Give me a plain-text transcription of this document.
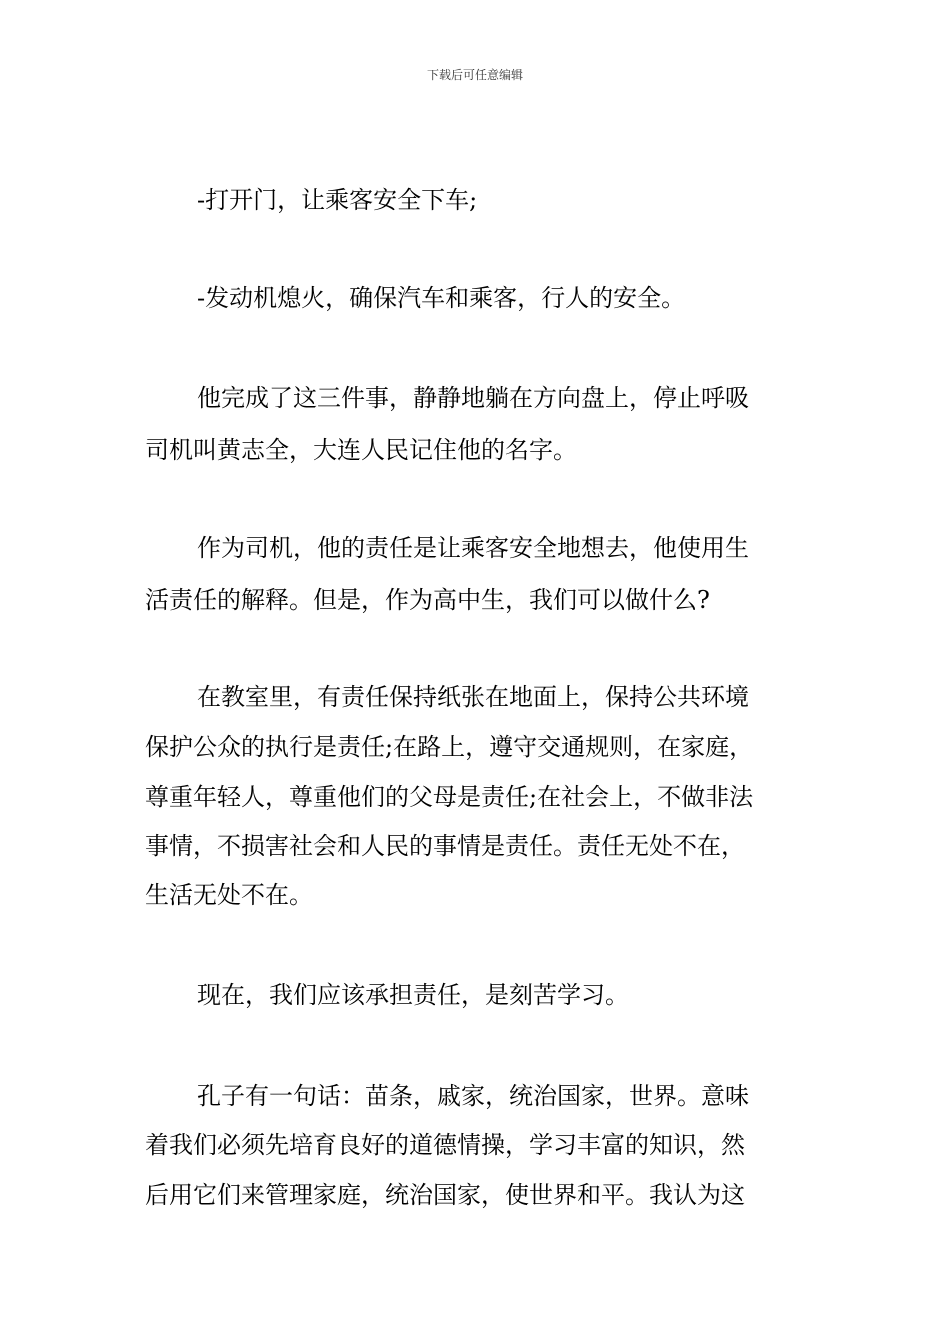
下载后可任意编辑
-打开门，让乘客安全下车;
-发动机熄火，确保汽车和乘客，行人的安全。
他完成了这三件事，静静地躺在方向盘上，停止呼吸
司机叫黄志全，大连人民记住他的名字。
作为司机，他的责任是让乘客安全地想去，他使用生
活责任的解释。但是，作为高中生，我们可以做什么?
在教室里，有责任保持纸张在地面上，保持公共环境
保护公众的执行是责任;在路上，遵守交通规则，在家庭，
尊重年轻人，尊重他们的父母是责任;在社会上，不做非法
事情，不损害社会和人民的事情是责任。责任无处不在，
生活无处不在。
现在，我们应该承担责任，是刻苦学习。
孔子有一句话：苗条，戚家，统治国家，世界。意味
着我们必须先培育良好的道德情操，学习丰富的知识，然
后用它们来管理家庭，统治国家，使世界和平。我认为这
